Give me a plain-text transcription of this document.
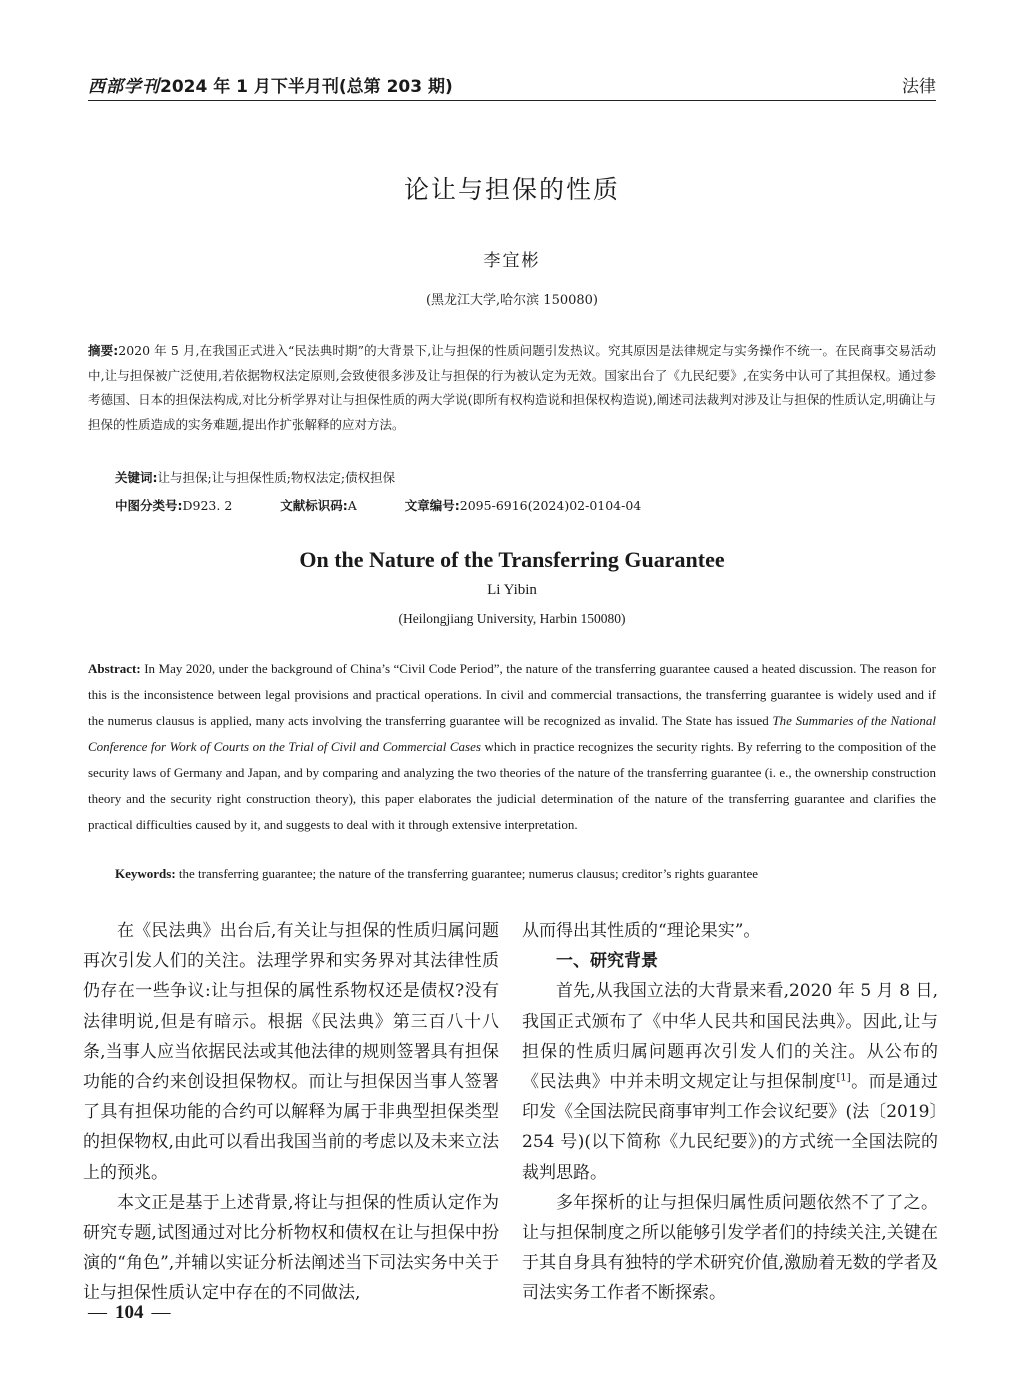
西部学刊2024 年 1 月下半月刊(总第 203 期)	法律
论让与担保的性质
李宜彬
(黑龙江大学,哈尔滨 150080)
摘要:2020 年 5 月,在我国正式进入“民法典时期”的大背景下,让与担保的性质问题引发热议。究其原因是法律规定与实务操作不统一。在民商事交易活动中,让与担保被广泛使用,若依据物权法定原则,会致使很多涉及让与担保的行为被认定为无效。国家出台了《九民纪要》,在实务中认可了其担保权。通过参考德国、日本的担保法构成,对比分析学界对让与担保性质的两大学说(即所有权构造说和担保权构造说),阐述司法裁判对涉及让与担保的性质认定,明确让与担保的性质造成的实务难题,提出作扩张解释的应对方法。
关键词:让与担保;让与担保性质;物权法定;债权担保
中图分类号:D923. 2	文献标识码:A	文章编号:2095-6916(2024)02-0104-04
On the Nature of the Transferring Guarantee
Li Yibin
(Heilongjiang University, Harbin 150080)
Abstract: In May 2020, under the background of China’s “Civil Code Period”, the nature of the transferring guarantee caused a heated discussion. The reason for this is the inconsistence between legal provisions and practical operations. In civil and commercial transactions, the transferring guarantee is widely used and if the numerus clausus is applied, many acts involving the transferring guarantee will be recognized as invalid. The State has issued The Summaries of the National Conference for Work of Courts on the Trial of Civil and Commercial Cases which in practice recognizes the security rights. By referring to the composition of the security laws of Germany and Japan, and by comparing and analyzing the two theories of the nature of the transferring guarantee (i. e., the ownership construction theory and the security right construction theory), this paper elaborates the judicial determination of the nature of the transferring guarantee and clarifies the practical difficulties caused by it, and suggests to deal with it through extensive interpretation.
Keywords: the transferring guarantee; the nature of the transferring guarantee; numerus clausus; creditor’s rights guarantee

在《民法典》出台后,有关让与担保的性质归属问题再次引发人们的关注。法理学界和实务界对其法律性质仍存在一些争议:让与担保的属性系物权还是债权?没有法律明说,但是有暗示。根据《民法典》第三百八十八条,当事人应当依据民法或其他法律的规则签署具有担保功能的合约来创设担保物权。而让与担保因当事人签署了具有担保功能的合约可以解释为属于非典型担保类型的担保物权,由此可以看出我国当前的考虑以及未来立法上的预兆。

本文正是基于上述背景,将让与担保的性质认定作为研究专题,试图通过对比分析物权和债权在让与担保中扮演的“角色”,并辅以实证分析法阐述当下司法实务中关于让与担保性质认定中存在的不同做法,

从而得出其性质的“理论果实”。

一、研究背景

首先,从我国立法的大背景来看,2020 年 5 月 8 日,我国正式颁布了《中华人民共和国民法典》。因此,让与担保的性质归属问题再次引发人们的关注。从公布的《民法典》中并未明文规定让与担保制度[1]。而是通过印发《全国法院民商事审判工作会议纪要》(法〔2019〕254 号)(以下简称《九民纪要》)的方式统一全国法院的裁判思路。

多年探析的让与担保归属性质问题依然不了了之。让与担保制度之所以能够引发学者们的持续关注,关键在于其自身具有独特的学术研究价值,激励着无数的学者及司法实务工作者不断探索。

— 104 —
